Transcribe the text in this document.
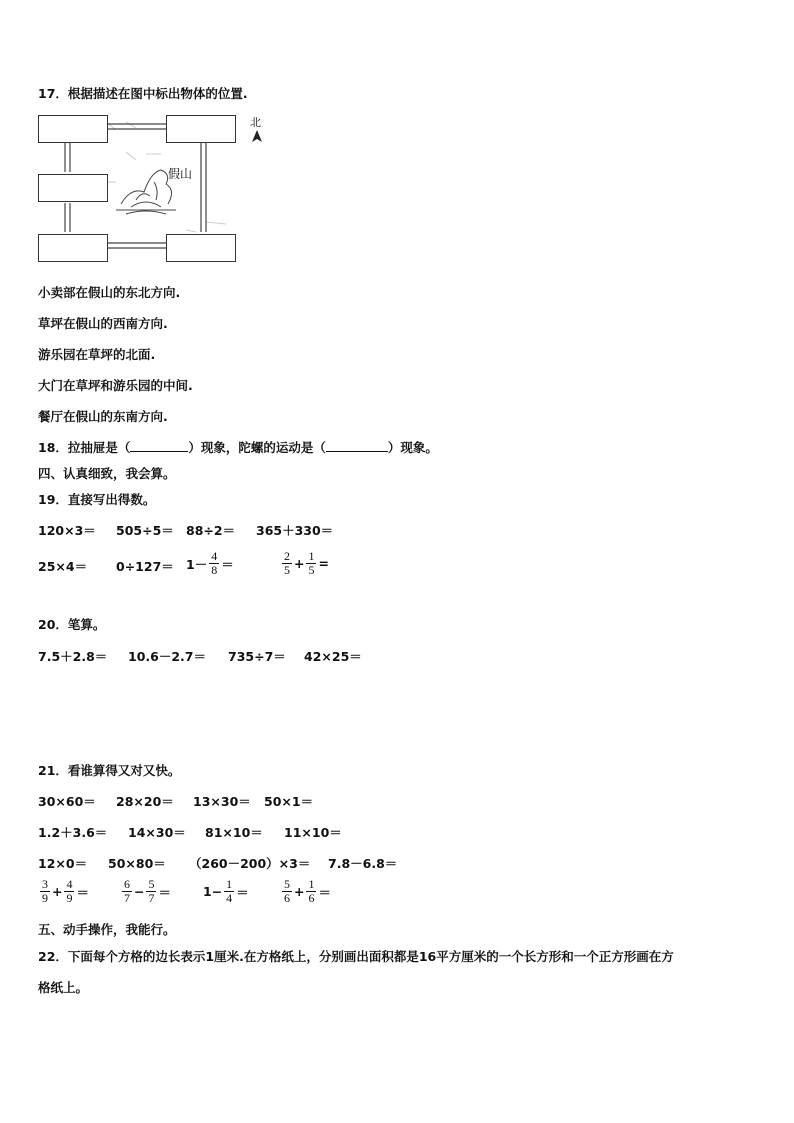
17．根据描述在图中标出物体的位置.
假山
北
小卖部在假山的东北方向.
草坪在假山的西南方向.
游乐园在草坪的北面.
大门在草坪和游乐园的中间.
餐厅在假山的东南方向.
18．拉抽屉是（	）现象，陀螺的运动是（	）现象。
四、认真细致，我会算。
19．直接写出得数。
120×3＝ 505÷5＝ 88÷2＝ 365＋330＝
$25\times 4= 0\div 127= 1- \frac{4}{8}$ ＝	$\frac{2}{5} + \frac{1}{5}$ =
20．笔算。
7.5＋2.8＝ 10.6－2.7＝ 735÷7＝ 42×25＝
21．看谁算得又对又快。
30×60＝ 28×20＝ 13×30＝ 50×1＝
1.2＋3.6＝ 14×30＝ 81×10＝ 11×10＝
12×0＝ 50×80＝ （260－200）×3＝ 7.8－6.8＝
$\frac{3}{9} + \frac{4}{9}$ ＝	$\frac{6}{7} - \frac{5}{7}$ ＝	$1- \frac{1}{4}$ ＝	$\frac{5}{6} + \frac{1}{6}$ ＝
五、动手操作，我能行。
22．下面每个方格的边长表示1厘米.在方格纸上，分别画出面积都是16平方厘米的一个长方形和一个正方形画在方
格纸上。
